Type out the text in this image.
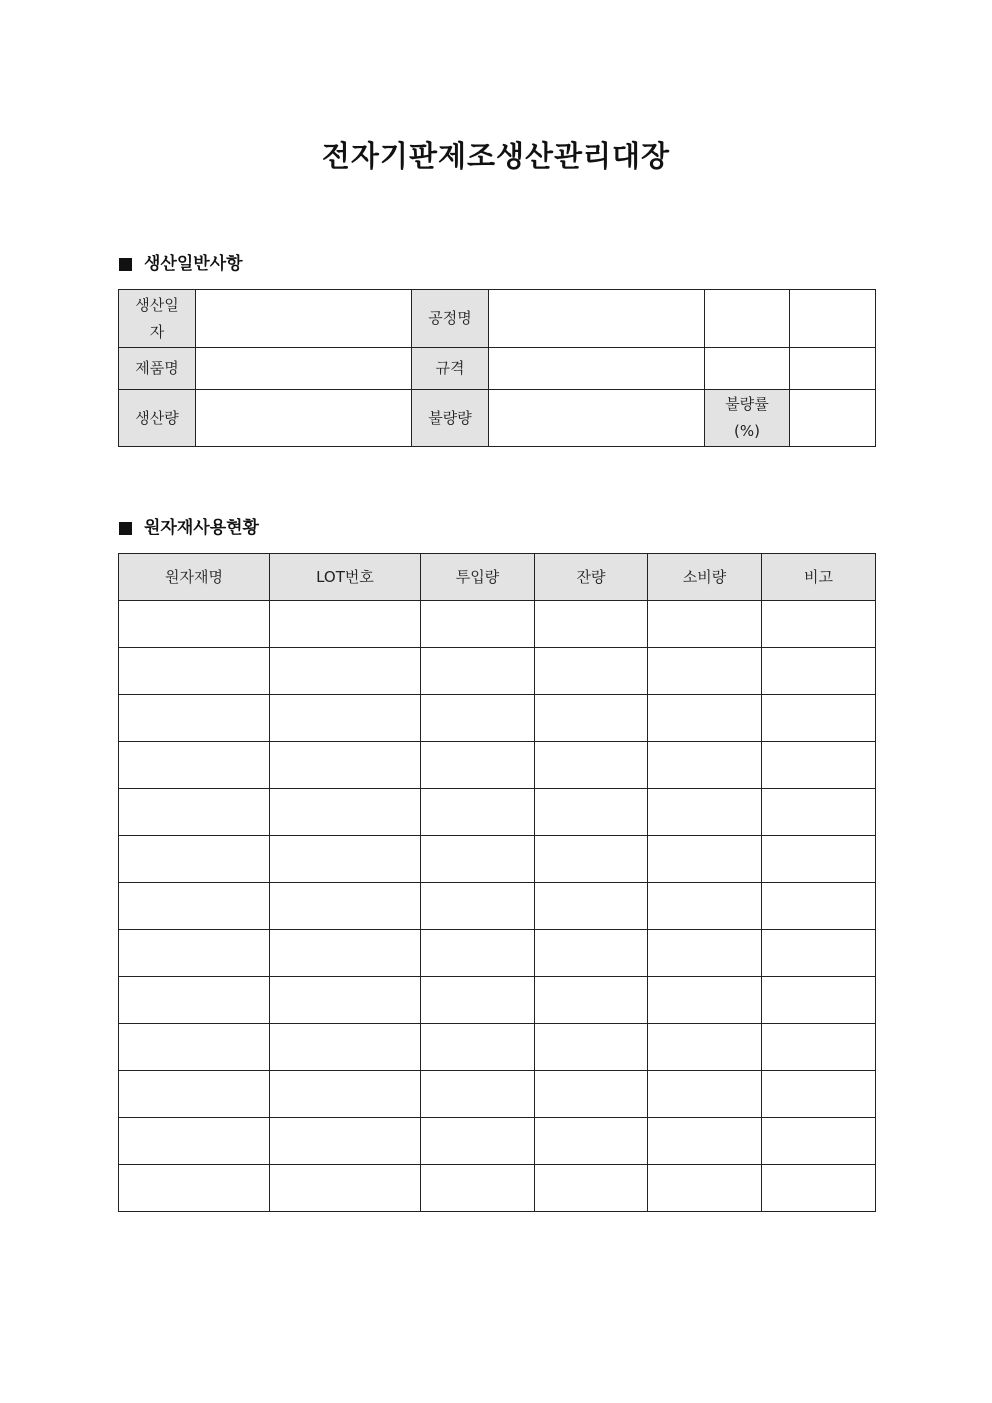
전자기판제조생산관리대장
생산일반사항
생산일자		공정명			
제품명		규격			
생산량		불량량		불량률(%)	

원자재사용현황
원자재명	LOT번호	투입량	잔량	소비량	비고
